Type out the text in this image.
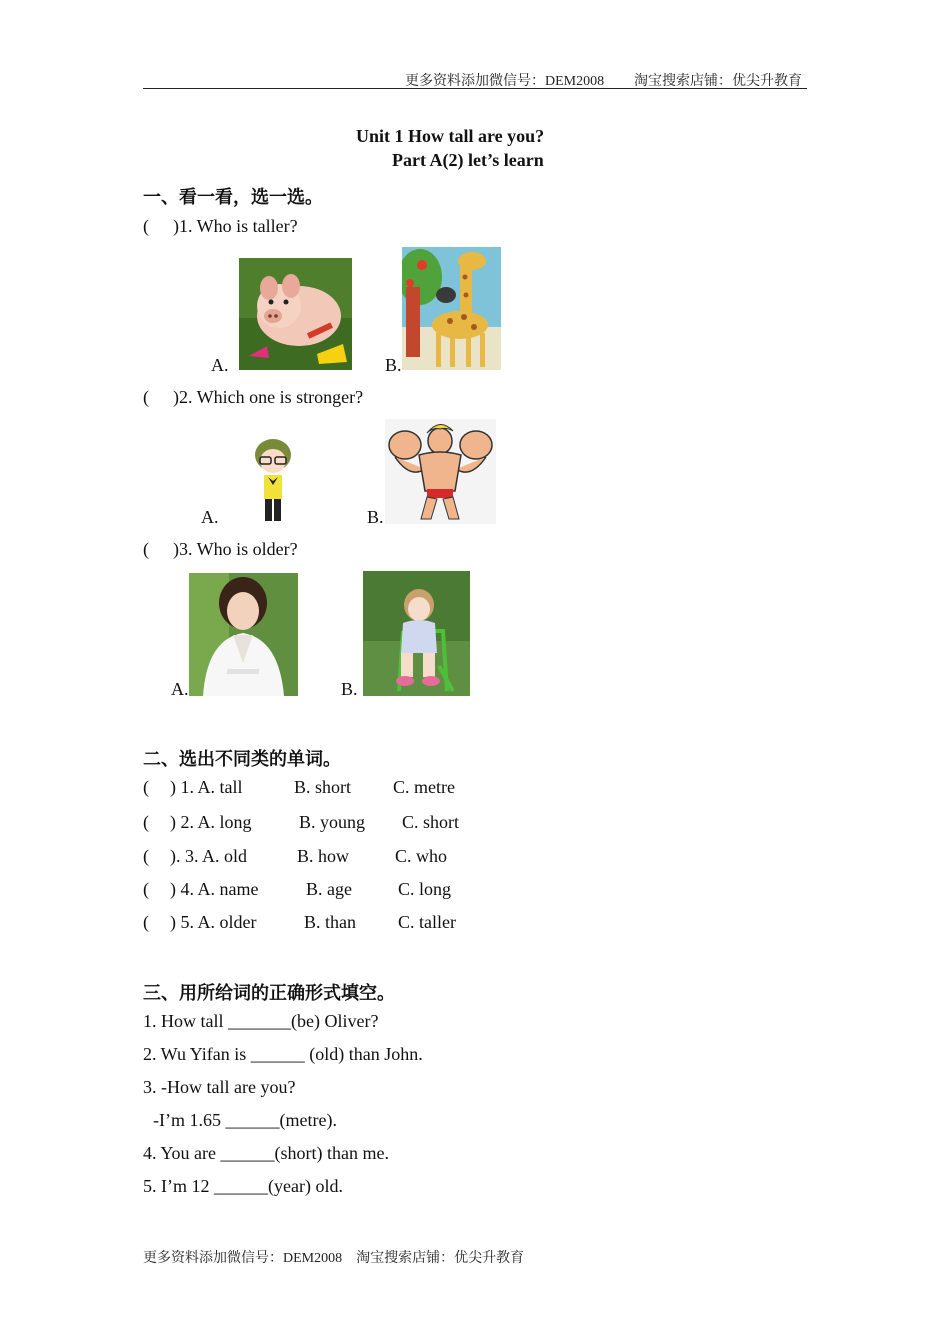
更多资料添加微信号：DEM2008 淘宝搜索店铺：优尖升教育
Unit 1 How tall are you?
Part A(2) let’s learn
一、看一看，选一选。
( )1. Who is taller?
A.	B.
( )2. Which one is stronger?
A.	B.
( )3. Who is older?
A.	B.
二、选出不同类的单词。
( ) 1. A. tall	B. short C. metre
( ) 2. A. long	B. young C. short
( ). 3. A. old	B. how	C. who
( ) 4. A. name	B. age	C. long
( ) 5. A. older	B. than C. taller
三、用所给词的正确形式填空。
1. How tall _______(be) Oliver?
2. Wu Yifan is ______ (old) than John.
3. -How tall are you?
-I’m 1.65 ______(metre).
4. You are ______(short) than me.
5. I’m 12 ______(year) old.
更多资料添加微信号：DEM2008    淘宝搜索店铺：优尖升教育
